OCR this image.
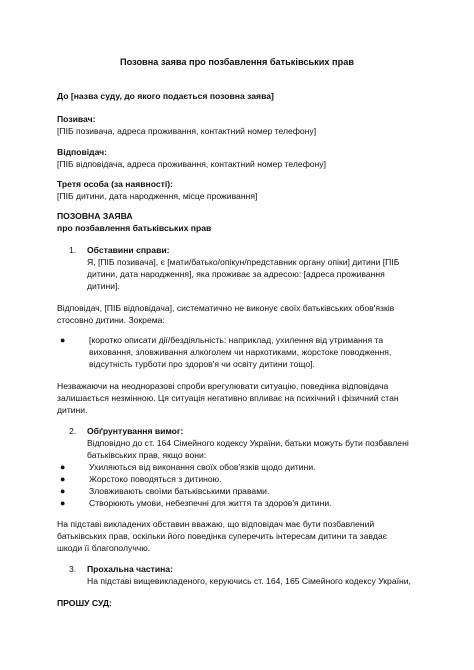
Позовна заява про позбавлення батьківських прав
До [назва суду, до якого подається позовна заява]
Позивач:
[ПІБ позивача, адреса проживання, контактний номер телефону]
Відповідач:
[ПІБ відповідача, адреса проживання, контактний номер телефону]
Третя особа (за наявності):
[ПІБ дитини, дата народження, місце проживання]
ПОЗОВНА ЗАЯВА
про позбавлення батьківських прав
1. Обставини справи:
Я, [ПІБ позивача], є [мати/батько/опікун/представник органу опіки] дитини [ПІБ
дитини, дата народження], яка проживає за адресою: [адреса проживання
дитини].
Відповідач, [ПІБ відповідача], систематично не виконує своїх батьківських обов'язків
стосовно дитини. Зокрема:
●	[коротко описати дії/бездіяльність: наприклад, ухилення від утримання та
виховання, зловживання алкоголем чи наркотиками, жорстоке поводження,
відсутність турботи про здоров'я чи освіту дитини тощо].
Незважаючи на неодноразові спроби врегулювати ситуацію, поведінка відповідача
залишається незмінною. Ця ситуація негативно впливає на психічний і фізичний стан
дитини.
2. Обґрунтування вимог:
Відповідно до ст. 164 Сімейного кодексу України, батьки можуть бути позбавлені
батьківських прав, якщо вони:
●	Ухиляються від виконання своїх обов'язків щодо дитини.
●	Жорстоко поводяться з дитиною.
●	Зловживають своїми батьківськими правами.
●	Створюють умови, небезпечні для життя та здоров'я дитини.
На підставі викладених обставин вважаю, що відповідач має бути позбавлений
батьківських прав, оскільки його поведінка суперечить інтересам дитини та завдає
шкоди її благополуччю.
3. Прохальна частина:
На підставі вищевикладеного, керуючись ст. 164, 165 Сімейного кодексу України,
ПРОШУ СУД:
